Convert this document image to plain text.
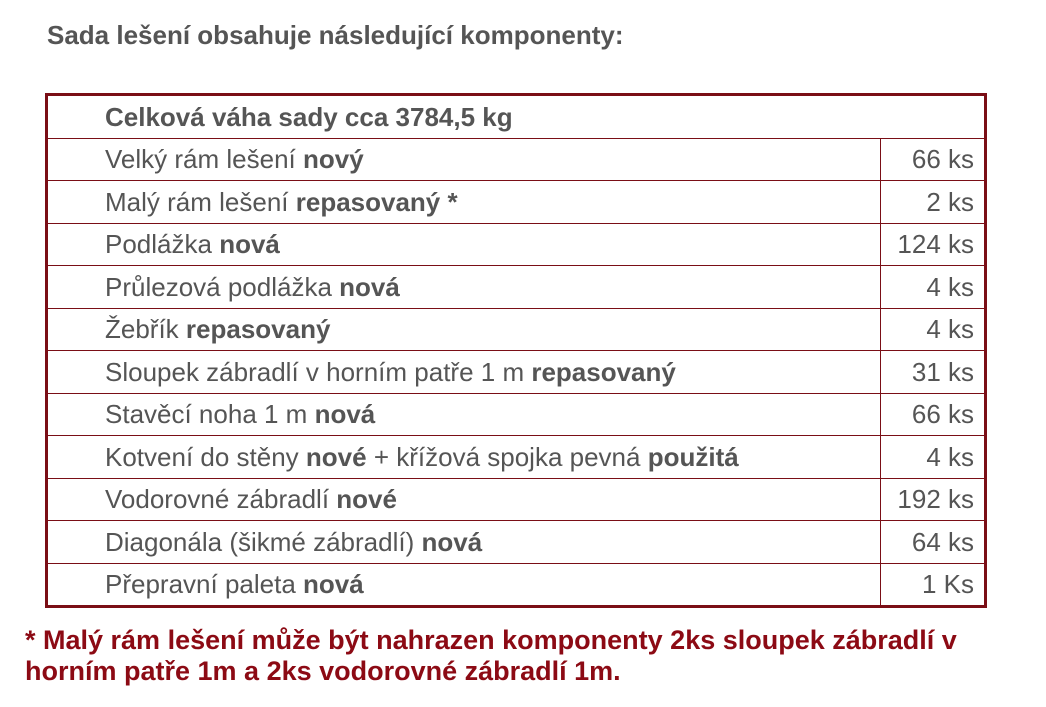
Sada lešení obsahuje následující komponenty:
Celková váha sady cca 3784,5 kg	
Velký rám lešení nový	66 ks
Malý rám lešení repasovaný *	2 ks
Podlážka nová	124 ks
Průlezová podlážka nová	4 ks
Žebřík repasovaný	4 ks
Sloupek zábradlí v horním patře 1 m repasovaný	31 ks
Stavěcí noha 1 m nová	66 ks
Kotvení do stěny nové + křížová spojka pevná použitá	4 ks
Vodorovné zábradlí nové	192 ks
Diagonála (šikmé zábradlí) nová	64 ks
Přepravní paleta nová	1 Ks
* Malý rám lešení může být nahrazen komponenty 2ks sloupek zábradlí v horním patře 1m a 2ks vodorovné zábradlí 1m.
